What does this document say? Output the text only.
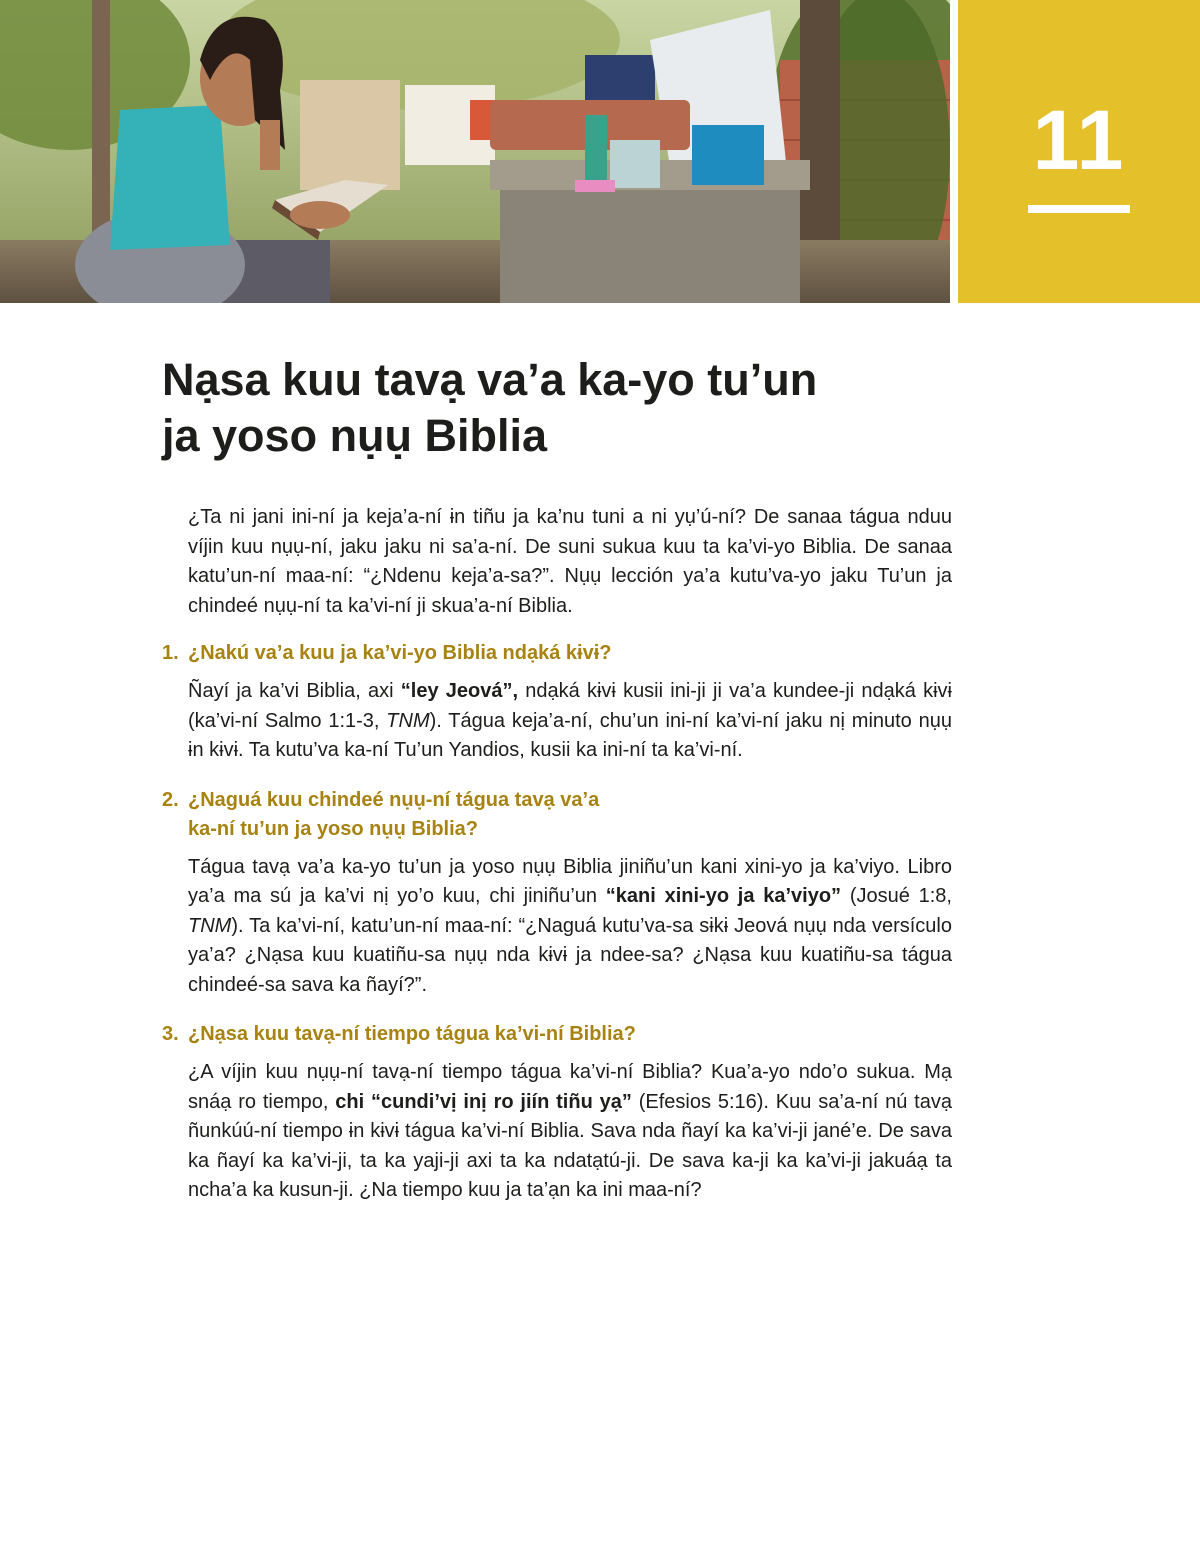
11
Nạsa kuu tavạ va’a ka-yo tu’un
ja yoso nụụ Biblia

¿Ta ni jani ini-ní ja keja’a-ní ɨn tiñu ja ka’nu tuni a ni yụ’ú-ní? De sanaa tágua nduu víjin kuu nụụ-ní, jaku jaku ni sa’a-ní. De suni sukua kuu ta ka’vi-yo Biblia. De sanaa katu’un-ní maa-ní: “¿Ndenu keja’a-sa?”. Nụụ lección ya’a kutu’va-yo jaku Tu’un ja chindeé nụụ-ní ta ka’vi-ní ji skua’a-ní Biblia.

1. ¿Nakú va’a kuu ja ka’vi-yo Biblia ndạká kɨvɨ?

Ñayí ja ka’vi Biblia, axi “ley Jeová”, ndạká kɨvɨ kusii ini-ji ji va’a kundee-ji ndạká kɨvɨ (ka’vi-ní Salmo 1:1-3, TNM). Tágua keja’a-ní, chu’un ini-ní ka’vi-ní jaku nị minuto nụụ ɨn kɨvɨ. Ta kutu’va ka-ní Tu’un Yandios, kusii ka ini-ní ta ka’vi-ní.

2. ¿Naguá kuu chindeé nụụ-ní tágua tavạ va’a
ka-ní tu’un ja yoso nụụ Biblia?

Tágua tavạ va’a ka-yo tu’un ja yoso nụụ Biblia jiniñu’un kani xini-yo ja ka’viyo. Libro ya’a ma sú ja ka’vi nị yo’o kuu, chi jiniñu’un “kani xini-yo ja ka’viyo” (Josué 1:8, TNM). Ta ka’vi-ní, katu’un-ní maa-ní: “¿Naguá kutu’va-sa sɨkɨ Jeová nụụ nda versículo ya’a? ¿Nạsa kuu kuatiñu-sa nụụ nda kɨvɨ ja ndee-sa? ¿Nạsa kuu kuatiñu-sa tágua chindeé-sa sava ka ñayí?”.

3. ¿Nạsa kuu tavạ-ní tiempo tágua ka’vi-ní Biblia?

¿A víjin kuu nụụ-ní tavạ-ní tiempo tágua ka’vi-ní Biblia? Kua’a-yo ndo’o sukua. Mạ snáạ ro tiempo, chi “cundi’vị inị ro jiín tiñu yạ” (Efesios 5:16). Kuu sa’a-ní nú tavạ ñunkúú-ní tiempo ɨn kɨvɨ tágua ka’vi-ní Biblia. Sava nda ñayí ka ka’vi-ji jané’e. De sava ka ñayí ka ka’vi-ji, ta ka yaji-ji axi ta ka ndatạtú-ji. De sava ka-ji ka ka’vi-ji jakuáạ ta ncha’a ka kusun-ji. ¿Na tiempo kuu ja ta’ạn ka ini maa-ní?
